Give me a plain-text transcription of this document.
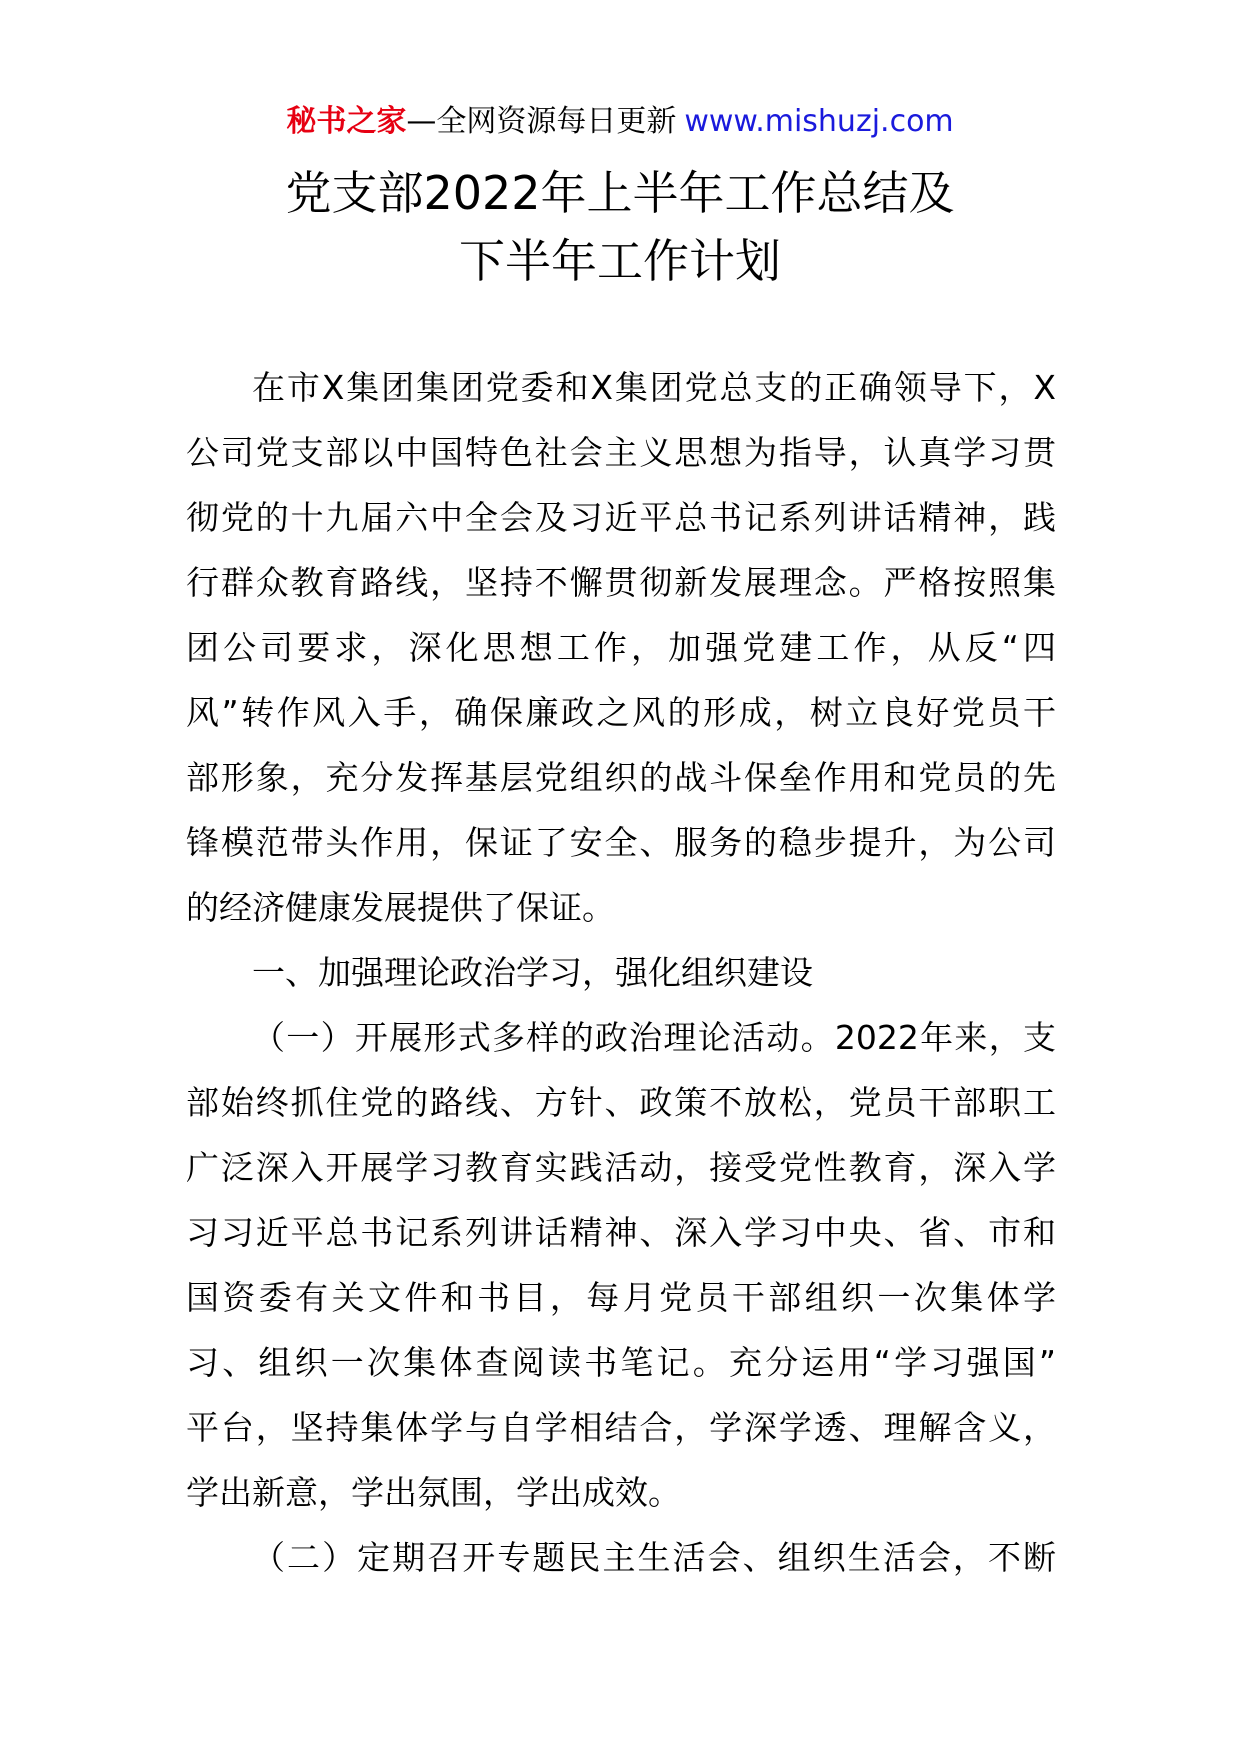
秘书之家—全网资源每日更新 www.mishuzj.com
党支部2022年上半年工作总结及
下半年工作计划
在市X集团集团党委和X集团党总支的正确领导下，X
公司党支部以中国特色社会主义思想为指导，认真学习贯
彻党的十九届六中全会及习近平总书记系列讲话精神，践
行群众教育路线，坚持不懈贯彻新发展理念。严格按照集
团公司要求，深化思想工作，加强党建工作，从反“四
风”转作风入手，确保廉政之风的形成，树立良好党员干
部形象，充分发挥基层党组织的战斗保垒作用和党员的先
锋模范带头作用，保证了安全、服务的稳步提升，为公司
的经济健康发展提供了保证。
一、加强理论政治学习，强化组织建设
（一）开展形式多样的政治理论活动。2022年来，支
部始终抓住党的路线、方针、政策不放松，党员干部职工
广泛深入开展学习教育实践活动，接受党性教育，深入学
习习近平总书记系列讲话精神、深入学习中央、省、市和
国资委有关文件和书目，每月党员干部组织一次集体学
习、组织一次集体查阅读书笔记。充分运用“学习强国”
平台，坚持集体学与自学相结合，学深学透、理解含义，
学出新意，学出氛围，学出成效。
（二）定期召开专题民主生活会、组织生活会，不断
